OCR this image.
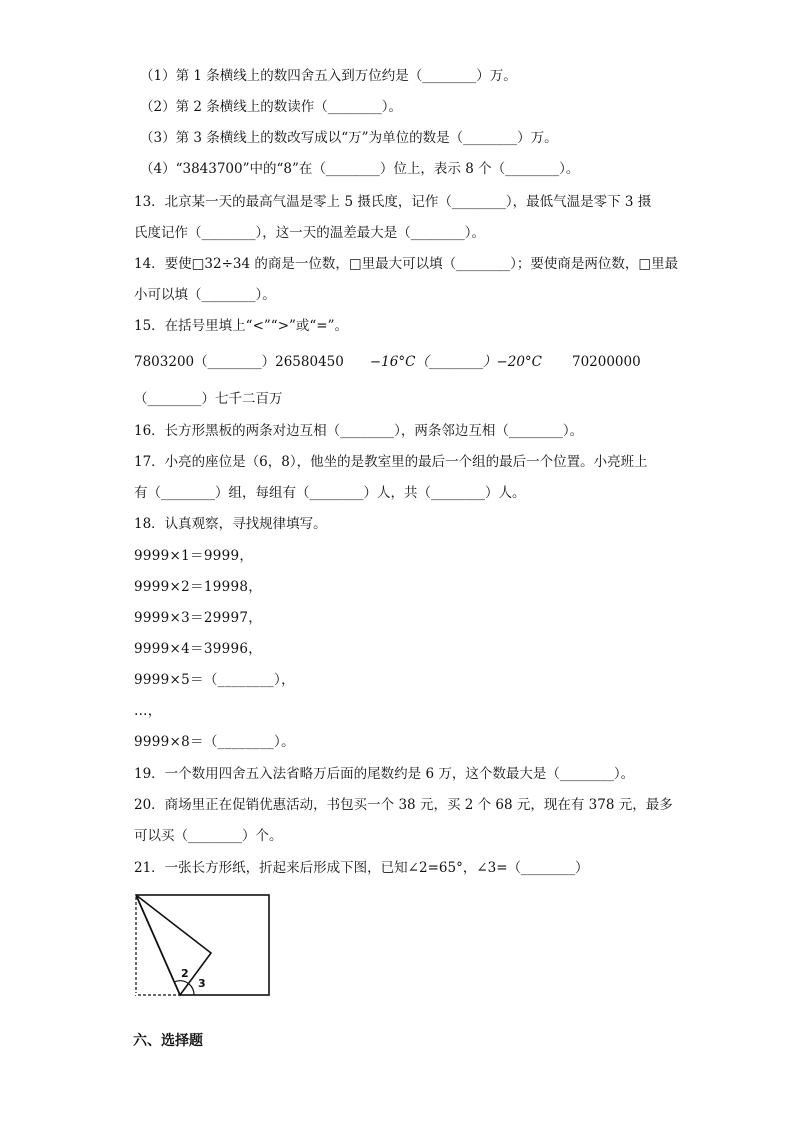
（1）第 1 条横线上的数四舍五入到万位约是（________）万。
（2）第 2 条横线上的数读作（________）。
（3）第 3 条横线上的数改写成以“万”为单位的数是（________）万。
（4）“3843700”中的“8”在（________）位上，表示 8 个（________）。
13．北京某一天的最高气温是零上 5 摄氏度，记作（________），最低气温是零下 3 摄
氏度记作（________），这一天的温差最大是（________）。
14．要使□32÷34 的商是一位数，□里最大可以填（________）；要使商是两位数，□里最
小可以填（________）。
15．在括号里填上“<”“>”或“=”。
7803200（________）26580450 −16°C（________）−20°C 70200000
（________）七千二百万
16．长方形黑板的两条对边互相（________），两条邻边互相（________）。
17．小亮的座位是（6，8），他坐的是教室里的最后一个组的最后一个位置。小亮班上
有（________）组，每组有（________）人，共（________）人。
18．认真观察，寻找规律填写。
9999×1＝9999，
9999×2＝19998，
9999×3＝29997，
9999×4＝39996，
9999×5＝（________），
…，
9999×8＝（________）。
19．一个数用四舍五入法省略万后面的尾数约是 6 万，这个数最大是（________）。
20．商场里正在促销优惠活动，书包买一个 38 元，买 2 个 68 元，现在有 378 元，最多
可以买（________）个。
21．一张长方形纸，折起来后形成下图，已知∠2=65°，∠3=（________）
2
3
六、选择题
